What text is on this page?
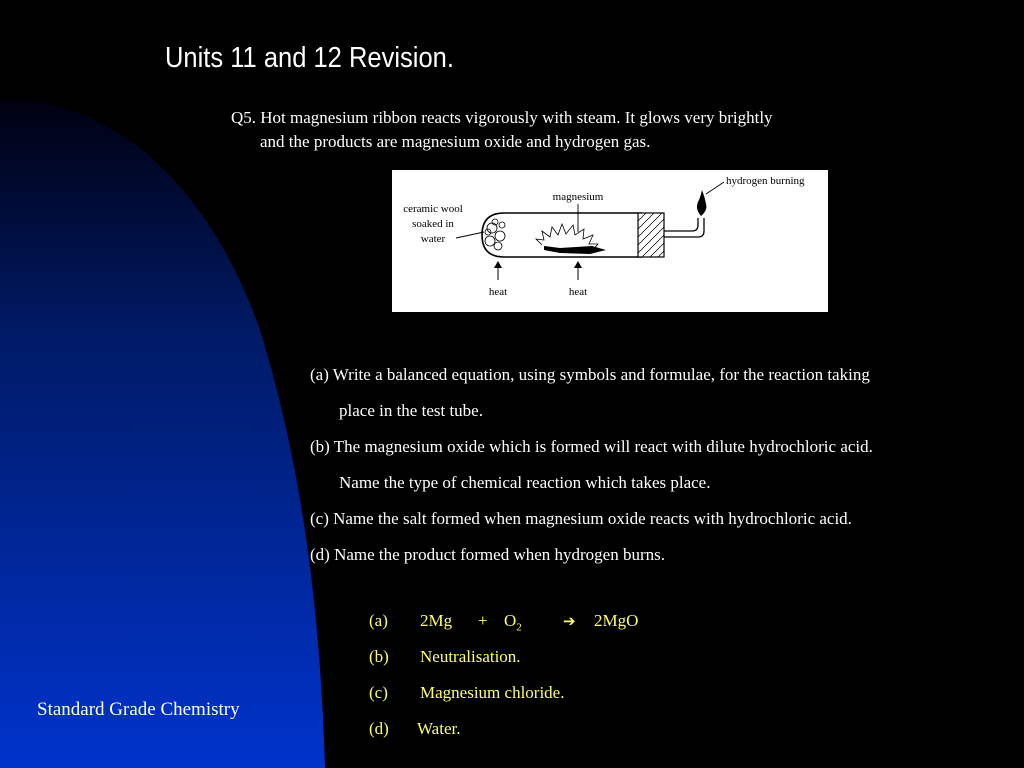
Units 11 and 12 Revision.
Q5. Hot magnesium ribbon reacts vigorously with steam. It glows very brightly
and the products are magnesium oxide and hydrogen gas.
magnesium
hydrogen burning
ceramic wool
soaked in
water
heat	heat
(a) Write a balanced equation, using symbols and formulae, for the reaction taking
place in the test tube.
(b) The magnesium oxide which is formed will react with dilute hydrochloric acid.
Name the type of chemical reaction which takes place.
(c) Name the salt formed when magnesium oxide reacts with hydrochloric acid.
(d) Name the product formed when hydrogen burns.
(a) $2Mg + O_2$	➔ 2MgO
(b) Neutralisation.
(c) Magnesium chloride.
(d) Water.
Standard Grade Chemistry
